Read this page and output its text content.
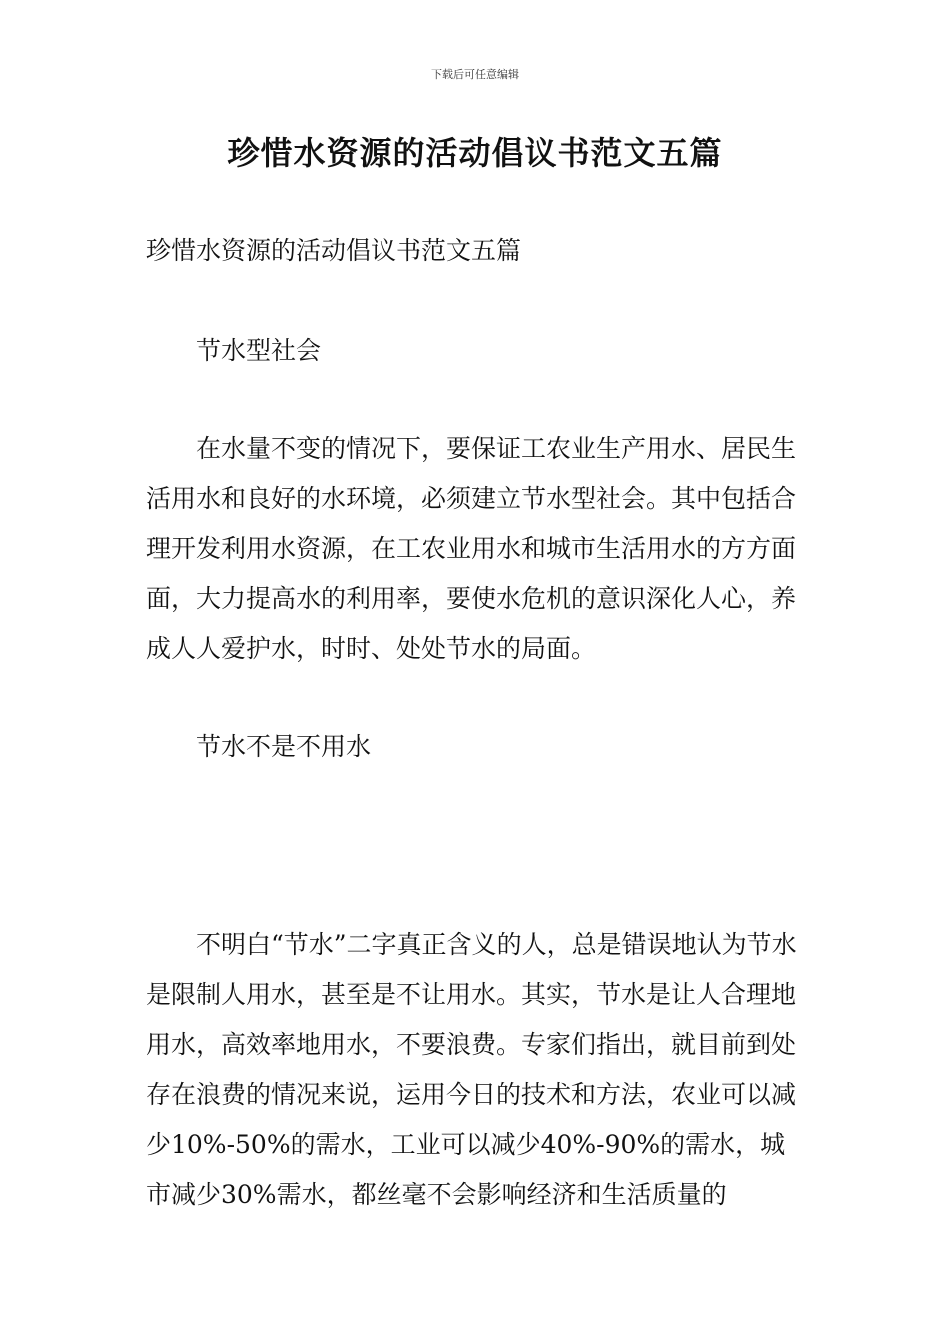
下载后可任意编辑
珍惜水资源的活动倡议书范文五篇
珍惜水资源的活动倡议书范文五篇
节水型社会
在水量不变的情况下，要保证工农业生产用水、居民生活用水和良好的水环境，必须建立节水型社会。其中包括合理开发利用水资源，在工农业用水和城市生活用水的方方面面，大力提高水的利用率，要使水危机的意识深化人心，养成人人爱护水，时时、处处节水的局面。
节水不是不用水
不明白“节水”二字真正含义的人，总是错误地认为节水是限制人用水，甚至是不让用水。其实，节水是让人合理地用水，高效率地用水，不要浪费。专家们指出，就目前到处存在浪费的情况来说，运用今日的技术和方法，农业可以减少10%-50%的需水，工业可以减少40%-90%的需水，城市减少30%需水，都丝毫不会影响经济和生活质量的
